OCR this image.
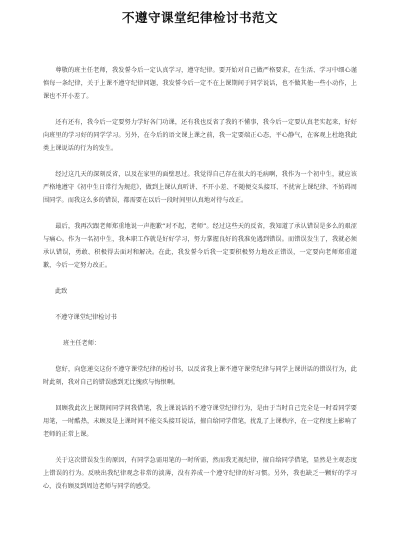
不遵守课堂纪律检讨书范文

尊敬的班主任老师，我发誓今后一定认真学习，遵守纪律。要开始对自己做严格要求，在生活、学习中细心谨慎每一条纪律，关于上课不遵守纪律问题，我发誓今后一定不在上课期间于同学说话，也不做其他一些小动作，上课也不开小差了。

还有还有，我今后一定要努力学好各门功课，还有我也反省了我的不懂事，我今后一定要认真老实起来，好好向班里的学习好的同学学习。另外，在今后的语文课上课之前，我一定要端正心态，平心静气，在客观上杜绝我此类上课说话的行为的发生。

经过这几天的深刻反省，以及在家里的面壁思过。我觉得自己存在很大的毛病啊，我作为一个初中生，就应该严格地遵守《初中生日常行为规范》，做到上课认真听讲、不开小差、不随便交头接耳、不扰害上课纪律、不妨碍周围同学。而我这么多的错误，都需要在以后一段时间里认真地对待与改正。

最后，我再次跟老师郑重地说一声抱歉“对不起，老师”。经过这些天的反省，我知道了承认错误是多么的艰涩与痛心。作为一名初中生，我本职工作就是好好学习，努力掌握良好的我准免遇到错误。而错误发生了，我就必须承认错误，勇敢、积极得去面对和解决。在此，我发誓今后我一定要积极努力地改正错误，一定要向老师郑重道歉，今后一定努力改正。

此致
不遵守课堂纪律检讨书
班主任老师：

您好，向您递交这份不遵守课堂纪律的检讨书，以反省我上课不遵守课堂纪律与同学上课讲话的错误行为，此时此刻，我对自己的错误感到无比愧疚与悔恨啊。

回顾我此次上课期间同学问我借笔，我上课说话的不遵守课堂纪律行为，是由于当时自己完全是一时看同学要用笔，一时酷热，未顾及是上课时间不能交头接耳说话，擅自给同学借笔，扰乱了上课秩序，在一定程度上影响了老师的正常上课。

关于这次错误发生的原因，有同学急需用笔的一时所需，然而我无视纪律，擅自给同学借笔，显然是主观态度上错误的行为。反映出我纪律观念非常的淡薄，没有养成一个遵守纪律的好习惯。另外，我也缺乏一颗好的学习心，没有顾及到周边老师与同学的感受。
